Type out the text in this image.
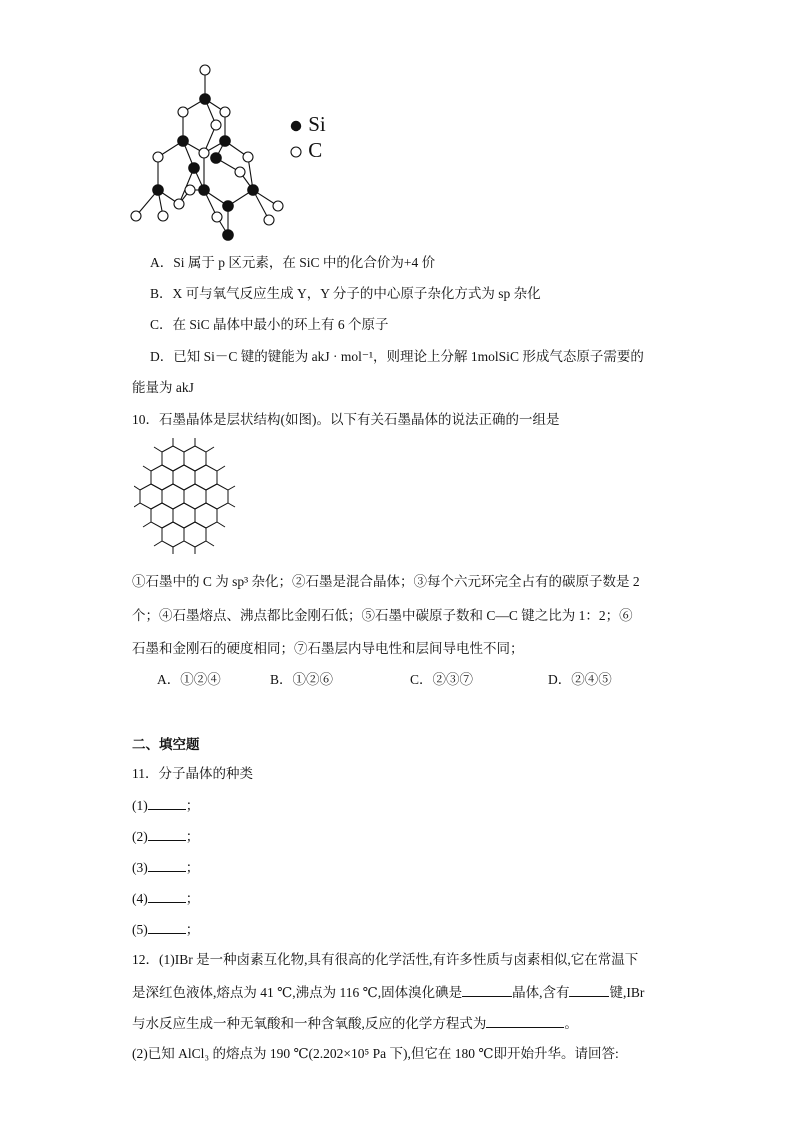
Si
C
A．Si 属于 p 区元素，在 SiC 中的化合价为+4 价
B．X 可与氧气反应生成 Y，Y 分子的中心原子杂化方式为 sp 杂化
C．在 SiC 晶体中最小的环上有 6 个原子
D．已知 Si－C 键的键能为 akJ · mol⁻¹，则理论上分解 1molSiC 形成气态原子需要的
能量为 akJ
10．石墨晶体是层状结构(如图)。以下有关石墨晶体的说法正确的一组是
①石墨中的 C 为 sp³ 杂化；②石墨是混合晶体；③每个六元环完全占有的碳原子数是 2
个；④石墨熔点、沸点都比金刚石低；⑤石墨中碳原子数和 C—C 键之比为 1：2；⑥
石墨和金刚石的硬度相同；⑦石墨层内导电性和层间导电性不同；
A．①②④	B．①②⑥	C．②③⑦	D．②④⑤
二、填空题
11．分子晶体的种类
(1)	；
(2)	；
(3)	；
(4)	；
(5)	；
12．(1)IBr 是一种卤素互化物,具有很高的化学活性,有许多性质与卤素相似,它在常温下
是深红色液体,熔点为 41 ℃,沸点为 116 ℃,固体溴化碘是	晶体,含有	键,IBr
与水反应生成一种无氧酸和一种含氧酸,反应的化学方程式为	。
(2)已知 AlCl₃ 的熔点为 190 ℃(2.202×10⁵ Pa 下),但它在 180 ℃即开始升华。请回答:
